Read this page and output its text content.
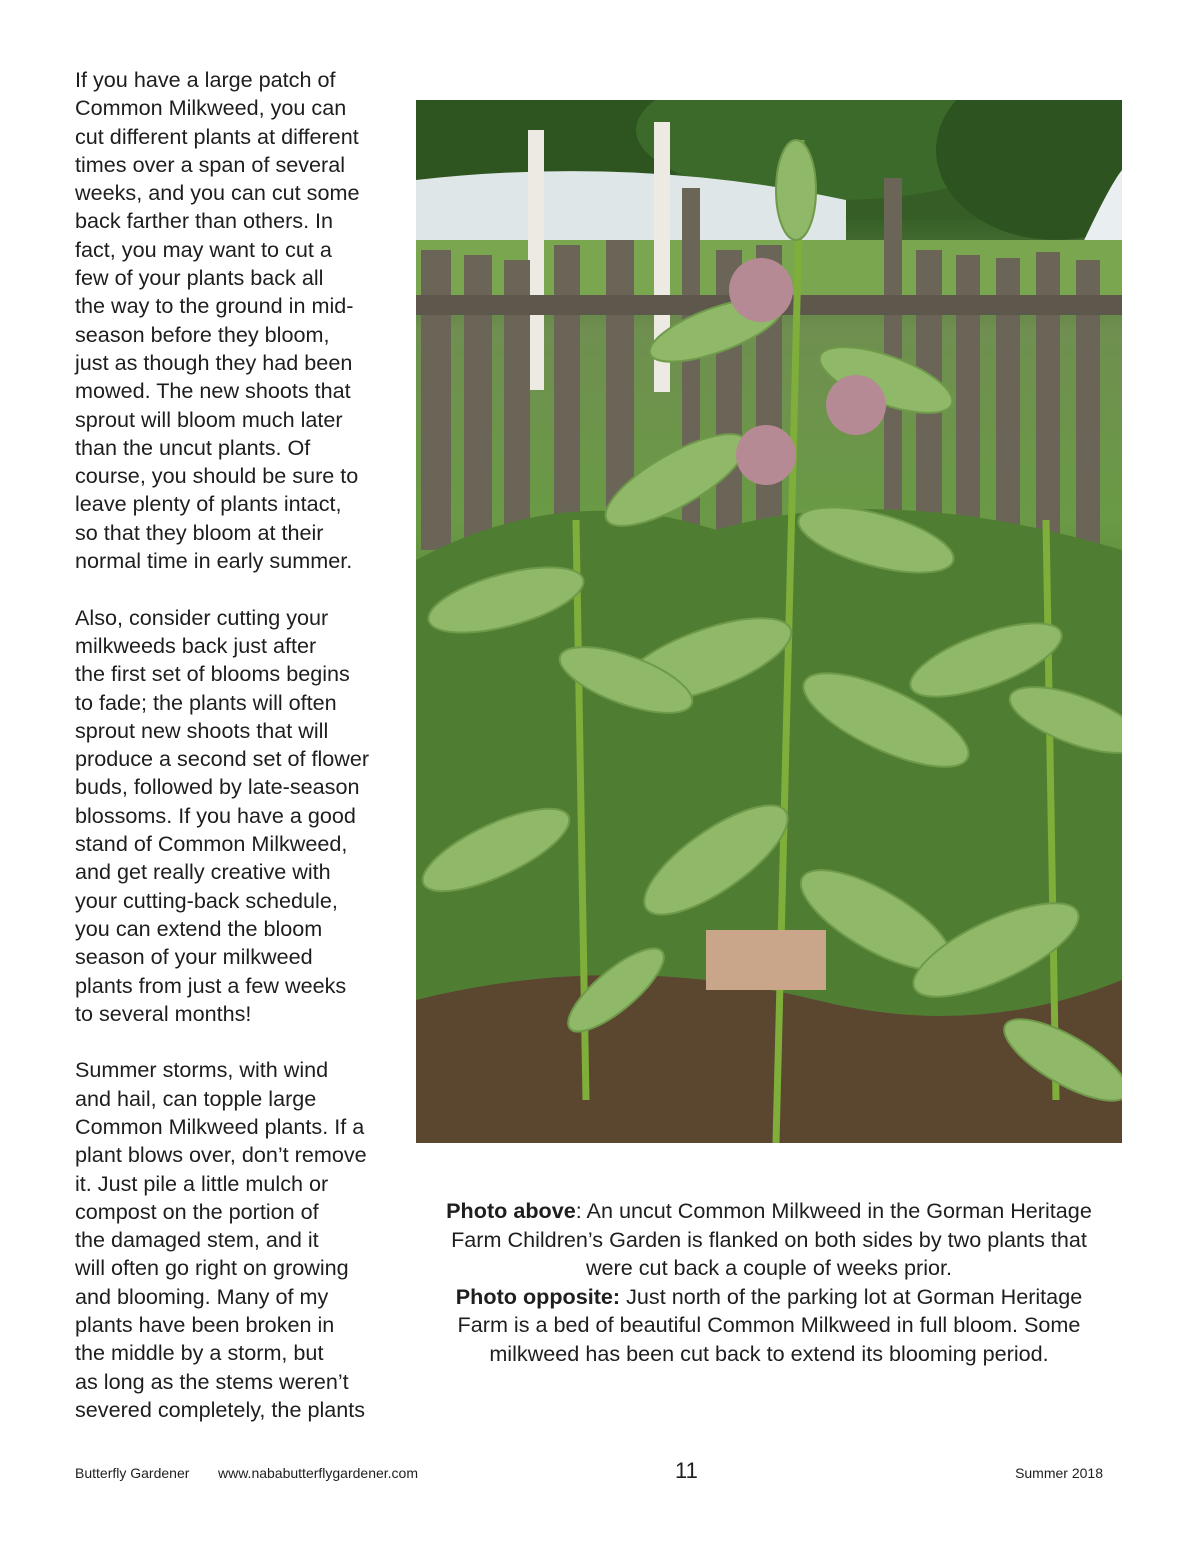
If you have a large patch of
Common Milkweed, you can
cut different plants at different
times over a span of several
weeks, and you can cut some
back farther than others. In
fact, you may want to cut a
few of your plants back all
the way to the ground in mid-
season before they bloom,
just as though they had been
mowed. The new shoots that
sprout will bloom much later
than the uncut plants. Of
course, you should be sure to
leave plenty of plants intact,
so that they bloom at their
normal time in early summer.
Also, consider cutting your
milkweeds back just after
the first set of blooms begins
to fade; the plants will often
sprout new shoots that will
produce a second set of flower
buds, followed by late-season
blossoms. If you have a good
stand of Common Milkweed,
and get really creative with
your cutting-back schedule,
you can extend the bloom
season of your milkweed
plants from just a few weeks
to several months!
Summer storms, with wind
and hail, can topple large
Common Milkweed plants. If a
plant blows over, don’t remove
it. Just pile a little mulch or
compost on the portion of
the damaged stem, and it
will often go right on growing
and blooming. Many of my
plants have been broken in
the middle by a storm, but
as long as the stems weren’t
severed completely, the plants
Photo above: An uncut Common Milkweed in the Gorman Heritage
Farm Children’s Garden is flanked on both sides by two plants that
were cut back a couple of weeks prior.
Photo opposite: Just north of the parking lot at Gorman Heritage
Farm is a bed of beautiful Common Milkweed in full bloom. Some
milkweed has been cut back to extend its blooming period.
Butterfly Gardener www.nababutterflygardener.com	11	Summer 2018
